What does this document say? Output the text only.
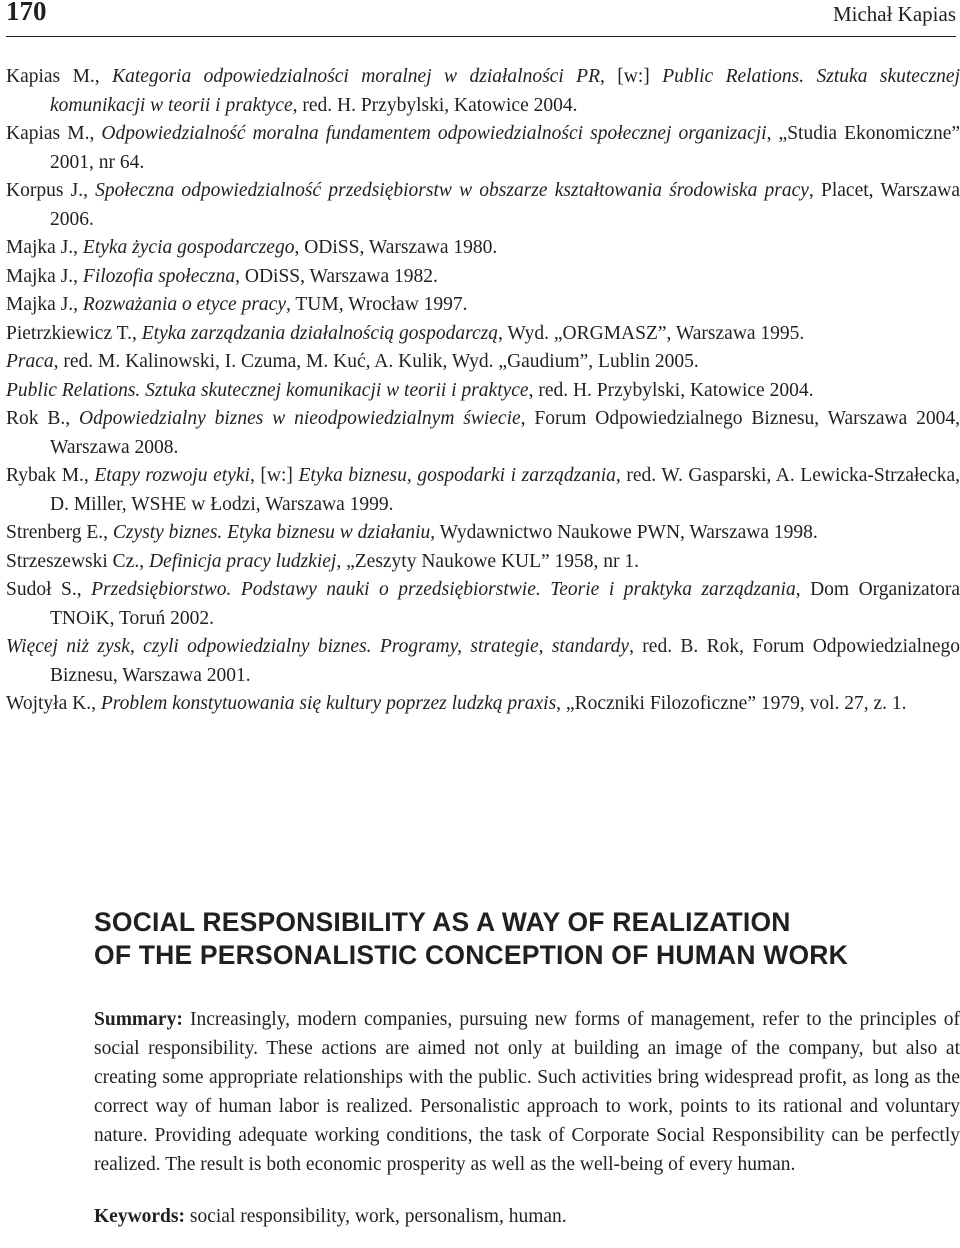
170	Michał Kapias

Kapias M., Kategoria odpowiedzialności moralnej w działalności PR, [w:] Public Relations. Sztuka skutecznej komunikacji w teorii i praktyce, red. H. Przybylski, Katowice 2004.

Kapias M., Odpowiedzialność moralna fundamentem odpowiedzialności społecznej organizacji, „Studia Ekonomiczne” 2001, nr 64.

Korpus J., Społeczna odpowiedzialność przedsiębiorstw w obszarze kształtowania środowiska pracy, Placet, Warszawa 2006.

Majka J., Etyka życia gospodarczego, ODiSS, Warszawa 1980.

Majka J., Filozofia społeczna, ODiSS, Warszawa 1982.

Majka J., Rozważania o etyce pracy, TUM, Wrocław 1997.

Pietrzkiewicz T., Etyka zarządzania działalnością gospodarczą, Wyd. „ORGMASZ”, Warszawa 1995.

Praca, red. M. Kalinowski, I. Czuma, M. Kuć, A. Kulik, Wyd. „Gaudium”, Lublin 2005.

Public Relations. Sztuka skutecznej komunikacji w teorii i praktyce, red. H. Przybylski, Katowice 2004.

Rok B., Odpowiedzialny biznes w nieodpowiedzialnym świecie, Forum Odpowiedzialnego Biznesu, Warszawa 2004, Warszawa 2008.

Rybak M., Etapy rozwoju etyki, [w:] Etyka biznesu, gospodarki i zarządzania, red. W. Gasparski, A. Lewicka-Strzałecka, D. Miller, WSHE w Łodzi, Warszawa 1999.

Strenberg E., Czysty biznes. Etyka biznesu w działaniu, Wydawnictwo Naukowe PWN, Warszawa 1998.

Strzeszewski Cz., Definicja pracy ludzkiej, „Zeszyty Naukowe KUL” 1958, nr 1.

Sudoł S., Przedsiębiorstwo. Podstawy nauki o przedsiębiorstwie. Teorie i praktyka zarządzania, Dom Organizatora TNOiK, Toruń 2002.

Więcej niż zysk, czyli odpowiedzialny biznes. Programy, strategie, standardy, red. B. Rok, Forum Odpowiedzialnego Biznesu, Warszawa 2001.

Wojtyła K., Problem konstytuowania się kultury poprzez ludzką praxis, „Roczniki Filozoficzne” 1979, vol. 27, z. 1.

SOCIAL RESPONSIBILITY AS A WAY OF REALIZATION
OF THE PERSONALISTIC CONCEPTION OF HUMAN WORK

Summary: Increasingly, modern companies, pursuing new forms of management, refer to the principles of social responsibility. These actions are aimed not only at building an image of the company, but also at creating some appropriate relationships with the public. Such activities bring widespread profit, as long as the correct way of human labor is realized. Personalistic approach to work, points to its rational and voluntary nature. Providing adequate working conditions, the task of Corporate Social Responsibility can be perfectly realized. The result is both economic prosperity as well as the well-being of every human.

Keywords: social responsibility, work, personalism, human.
